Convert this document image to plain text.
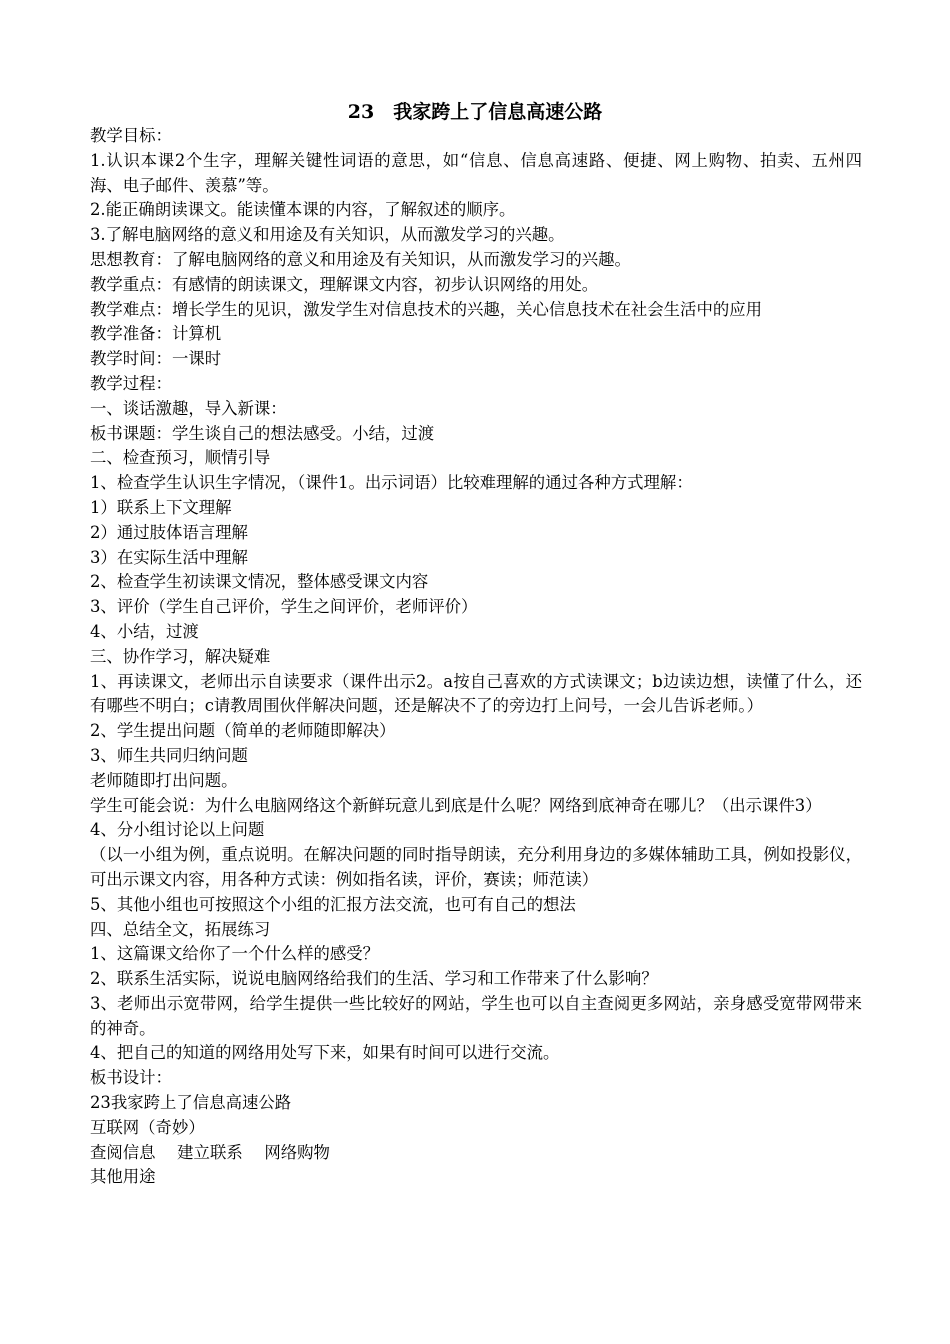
23　我家跨上了信息高速公路

教学目标：

1.认识本课2个生字，理解关键性词语的意思，如“信息、信息高速路、便捷、网上购物、拍卖、五州四海、电子邮件、羡慕”等。

2.能正确朗读课文。能读懂本课的内容，了解叙述的顺序。

3.了解电脑网络的意义和用途及有关知识，从而激发学习的兴趣。

思想教育：了解电脑网络的意义和用途及有关知识，从而激发学习的兴趣。

教学重点：有感情的朗读课文，理解课文内容，初步认识网络的用处。

教学难点：增长学生的见识，激发学生对信息技术的兴趣，关心信息技术在社会生活中的应用

教学准备：计算机

教学时间：一课时

教学过程：

一、谈话激趣，导入新课：

板书课题：学生谈自己的想法感受。小结，过渡

二、检查预习，顺情引导

1、检查学生认识生字情况，（课件1。出示词语）比较难理解的通过各种方式理解：

1）联系上下文理解

2）通过肢体语言理解

3）在实际生活中理解

2、检查学生初读课文情况，整体感受课文内容

3、评价（学生自己评价，学生之间评价，老师评价）

4、小结，过渡

三、协作学习，解决疑难

1、再读课文，老师出示自读要求（课件出示2。a按自己喜欢的方式读课文；b边读边想，读懂了什么，还有哪些不明白；c请教周围伙伴解决问题，还是解决不了的旁边打上问号，一会儿告诉老师。）

2、学生提出问题（简单的老师随即解决）

3、师生共同归纳问题

老师随即打出问题。

学生可能会说：为什么电脑网络这个新鲜玩意儿到底是什么呢？网络到底神奇在哪儿？（出示课件3）

4、分小组讨论以上问题

（以一小组为例，重点说明。在解决问题的同时指导朗读，充分利用身边的多媒体辅助工具，例如投影仪，可出示课文内容，用各种方式读：例如指名读，评价，赛读；师范读）

5、其他小组也可按照这个小组的汇报方法交流，也可有自己的想法

四、总结全文，拓展练习

1、这篇课文给你了一个什么样的感受？

2、联系生活实际，说说电脑网络给我们的生活、学习和工作带来了什么影响？

3、老师出示宽带网，给学生提供一些比较好的网站，学生也可以自主查阅更多网站，亲身感受宽带网带来的神奇。

4、把自己的知道的网络用处写下来，如果有时间可以进行交流。

板书设计：

23我家跨上了信息高速公路

互联网（奇妙）

查阅信息　 建立联系　 网络购物

其他用途
